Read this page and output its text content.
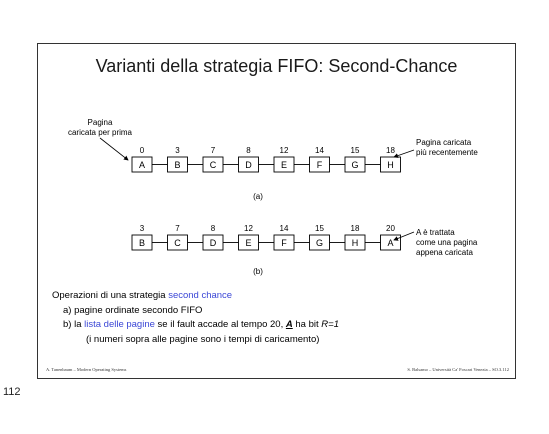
Varianti della strategia FIFO: Second-Chance
Pagina
caricata per prima
A
0
B
3
C
7
D
8
E
12
F
14
G
15
H
18
Pagina caricata
più recentemente
(a)
B
3
C
7
D
8
E
12
F
14
G
15
H
18
A
20	A è trattata
come una pagina
appena caricata
(b)
Operazioni di una strategia second chance
a) pagine ordinate secondo FIFO
b) la lista delle pagine se il fault accade al tempo 20, A ha bit R=1
(i numeri sopra alle pagine sono i tempi di caricamento)
A. Tanenbaum – Modern Operating Systems	S. Balsamo – Università Ca' Foscari Venezia – SO.3.112
112
